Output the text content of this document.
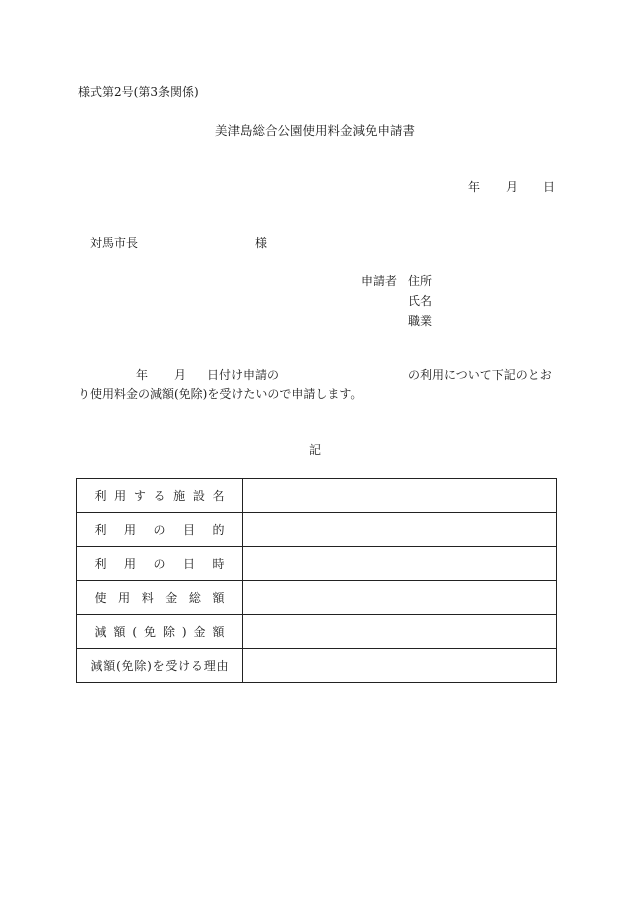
様式第2号(第3条関係)
美津島総合公園使用料金減免申請書
年 月 日
対馬市長	様
申請者 住所
氏名
職業
年 月 日付け申請の	の利用について下記のとお
り使用料金の減額(免除)を受けたいので申請します。
記
利用する施設名	
利用の目的	
利用の日時	
使用料金総額	
減額(免除)金額	
減額(免除)を受ける理由	
